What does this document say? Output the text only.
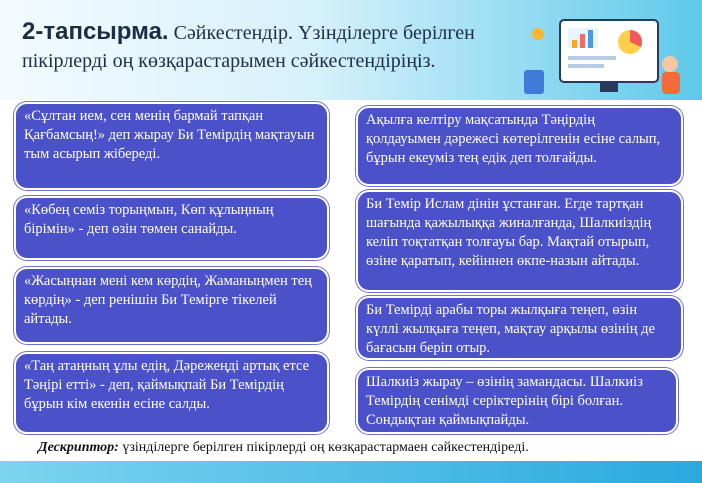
2-тапсырма. Сәйкестендір. Үзінділерге берілген пікірлерді оң көзқарастарымен сәйкестендіріңіз.
«Сұлтан ием, сен менің бармай тапқан Қағбамсың!» деп жырау Би Темірдің мақтауын тым асырып жібереді.
«Көбең семіз торыңмын, Көп құлыңның бірімін» - деп өзін төмен санайды.
«Жасыңнан мені кем көрдің, Жаманыңмен тең көрдің» - деп ренішін Би Темірге тікелей айтады.
«Таң атаңның ұлы едің, Дәрежеңді артық етсе Тәңірі етті» - деп, қаймықпай Би Темірдің бұрын кім екенін есіне салды.
Ақылға келтіру мақсатында Тәңірдің қолдауымен дәрежесі көтерілгенін есіне салып, бұрын екеуміз тең едік деп толғайды.
Би Темір Ислам дінін ұстанған. Егде тартқан шағында қажылыққа жиналғанда, Шалкиіздің келіп тоқтатқан толғауы бар. Мақтай отырып, өзіне қаратып, кейіннен өкпе-назын айтады.
Би Темірді арабы торы жылқыға теңеп, өзін күллі жылқыға теңеп, мақтау арқылы өзінің де бағасын беріп отыр.
Шалкиіз жырау – өзінің замандасы. Шалкиіз Темірдің сенімді серіктерінің бірі болған. Сондықтан қаймықпайды.
Дескриптор: үзінділерге берілген пікірлерді оң көзқарастармаен сәйкестендіреді.
